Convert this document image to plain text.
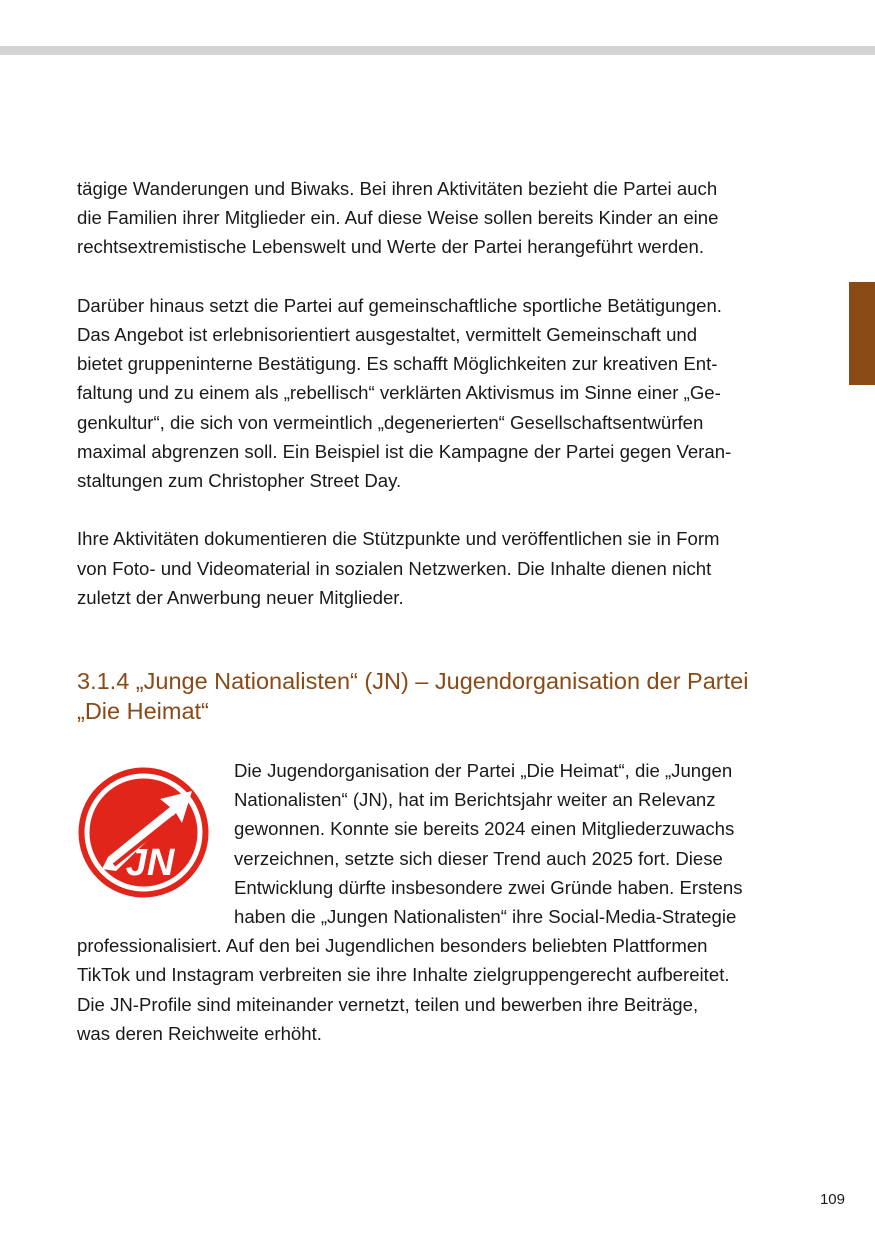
tägige Wanderungen und Biwaks. Bei ihren Aktivitäten bezieht die Partei auch
die Familien ihrer Mitglieder ein. Auf diese Weise sollen bereits Kinder an eine
rechtsextremistische Lebenswelt und Werte der Partei herangeführt werden.

Darüber hinaus setzt die Partei auf gemeinschaftliche sportliche Betätigungen.
Das Angebot ist erlebnisorientiert ausgestaltet, vermittelt Gemeinschaft und
bietet gruppeninterne Bestätigung. Es schafft Möglichkeiten zur kreativen Ent-
faltung und zu einem als „rebellisch“ verklärten Aktivismus im Sinne einer „Ge-
genkultur“, die sich von vermeintlich „degenerierten“ Gesellschaftsentwürfen
maximal abgrenzen soll. Ein Beispiel ist die Kampagne der Partei gegen Veran-
staltungen zum Christopher Street Day.

Ihre Aktivitäten dokumentieren die Stützpunkte und veröffentlichen sie in Form
von Foto- und Videomaterial in sozialen Netzwerken. Die Inhalte dienen nicht
zuletzt der Anwerbung neuer Mitglieder.

3.1.4 „Junge Nationalisten“ (JN) – Jugendorganisation der Partei
„Die Heimat“
JN
Die Jugendorganisation der Partei „Die Heimat“, die „Jungen
Nationalisten“ (JN), hat im Berichtsjahr weiter an Relevanz
gewonnen. Konnte sie bereits 2024 einen Mitgliederzuwachs
verzeichnen, setzte sich dieser Trend auch 2025 fort. Diese
Entwicklung dürfte insbesondere zwei Gründe haben. Erstens
haben die „Jungen Nationalisten“ ihre Social-Media-Strategie
professionalisiert. Auf den bei Jugendlichen besonders beliebten Plattformen
TikTok und Instagram verbreiten sie ihre Inhalte zielgruppengerecht aufbereitet.
Die JN-Profile sind miteinander vernetzt, teilen und bewerben ihre Beiträge,
was deren Reichweite erhöht.
109
